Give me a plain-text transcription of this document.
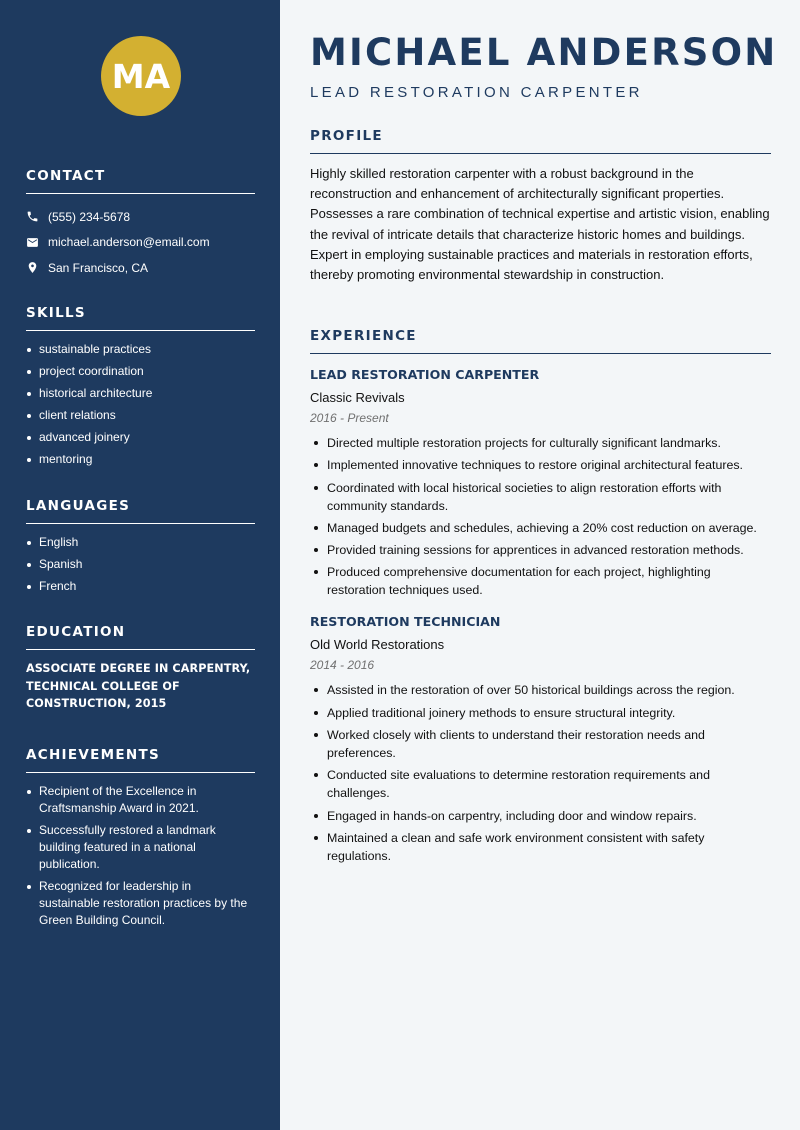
MA
CONTACT
(555) 234-5678
michael.anderson@email.com
San Francisco, CA
SKILLS
sustainable practices
project coordination
historical architecture
client relations
advanced joinery
mentoring
LANGUAGES
English
Spanish
French
EDUCATION
ASSOCIATE DEGREE IN CARPENTRY, TECHNICAL COLLEGE OF CONSTRUCTION, 2015
ACHIEVEMENTS
Recipient of the Excellence in Craftsmanship Award in 2021.
Successfully restored a landmark building featured in a national publication.
Recognized for leadership in sustainable restoration practices by the Green Building Council.
MICHAEL ANDERSON
LEAD RESTORATION CARPENTER
PROFILE

Highly skilled restoration carpenter with a robust background in the reconstruction and enhancement of architecturally significant properties. Possesses a rare combination of technical expertise and artistic vision, enabling the revival of intricate details that characterize historic homes and buildings. Expert in employing sustainable practices and materials in restoration efforts, thereby promoting environmental stewardship in construction.

EXPERIENCE
LEAD RESTORATION CARPENTER
Classic Revivals
2016 - Present
Directed multiple restoration projects for culturally significant landmarks.
Implemented innovative techniques to restore original architectural features.
Coordinated with local historical societies to align restoration efforts with community standards.
Managed budgets and schedules, achieving a 20% cost reduction on average.
Provided training sessions for apprentices in advanced restoration methods.
Produced comprehensive documentation for each project, highlighting restoration techniques used.
RESTORATION TECHNICIAN
Old World Restorations
2014 - 2016
Assisted in the restoration of over 50 historical buildings across the region.
Applied traditional joinery methods to ensure structural integrity.
Worked closely with clients to understand their restoration needs and preferences.
Conducted site evaluations to determine restoration requirements and challenges.
Engaged in hands-on carpentry, including door and window repairs.
Maintained a clean and safe work environment consistent with safety regulations.
